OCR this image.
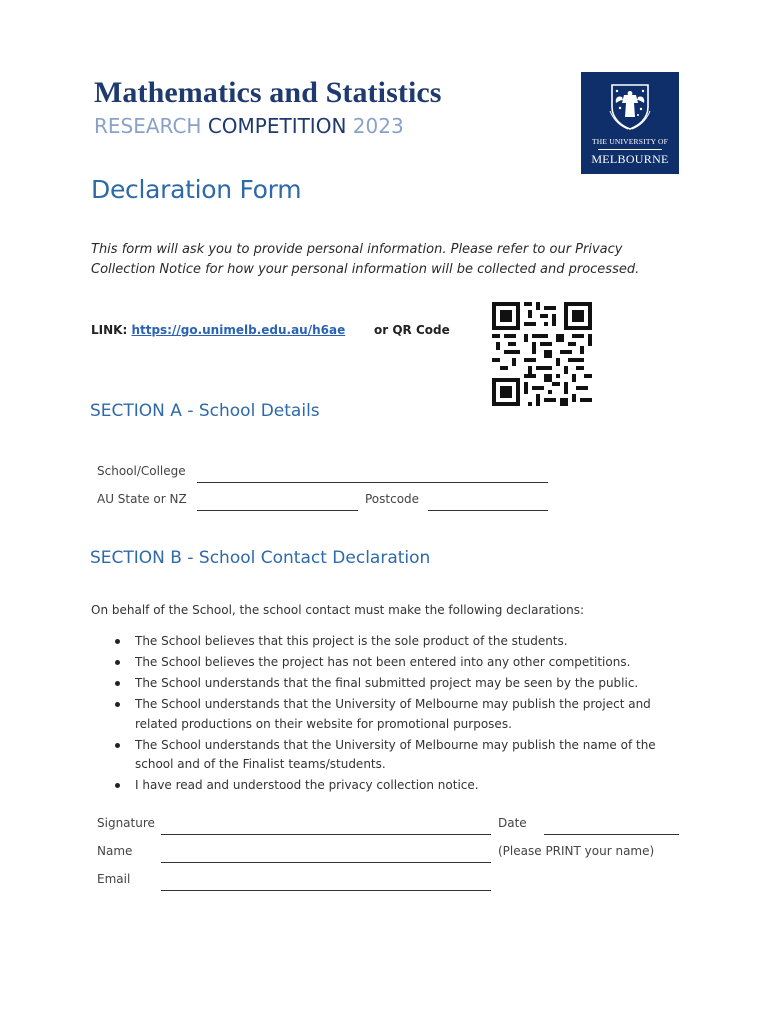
Mathematics and Statistics
RESEARCH COMPETITION 2023
THE UNIVERSITY OF
MELBOURNE
Declaration Form
This form will ask you to provide personal information. Please refer to our Privacy Collection Notice for how your personal information will be collected and processed.
LINK: https://go.unimelb.edu.au/h6ae or QR Code
SECTION A - School Details
School/College
AU State or NZ	Postcode
SECTION B - School Contact Declaration
On behalf of the School, the school contact must make the following declarations:
The School believes that this project is the sole product of the students.
The School believes the project has not been entered into any other competitions.
The School understands that the final submitted project may be seen by the public.
The School understands that the University of Melbourne may publish the project and related productions on their website for promotional purposes.
The School understands that the University of Melbourne may publish the name of the school and of the Finalist teams/students.
I have read and understood the privacy collection notice.
Signature	Date
Name	(Please PRINT your name)
Email
